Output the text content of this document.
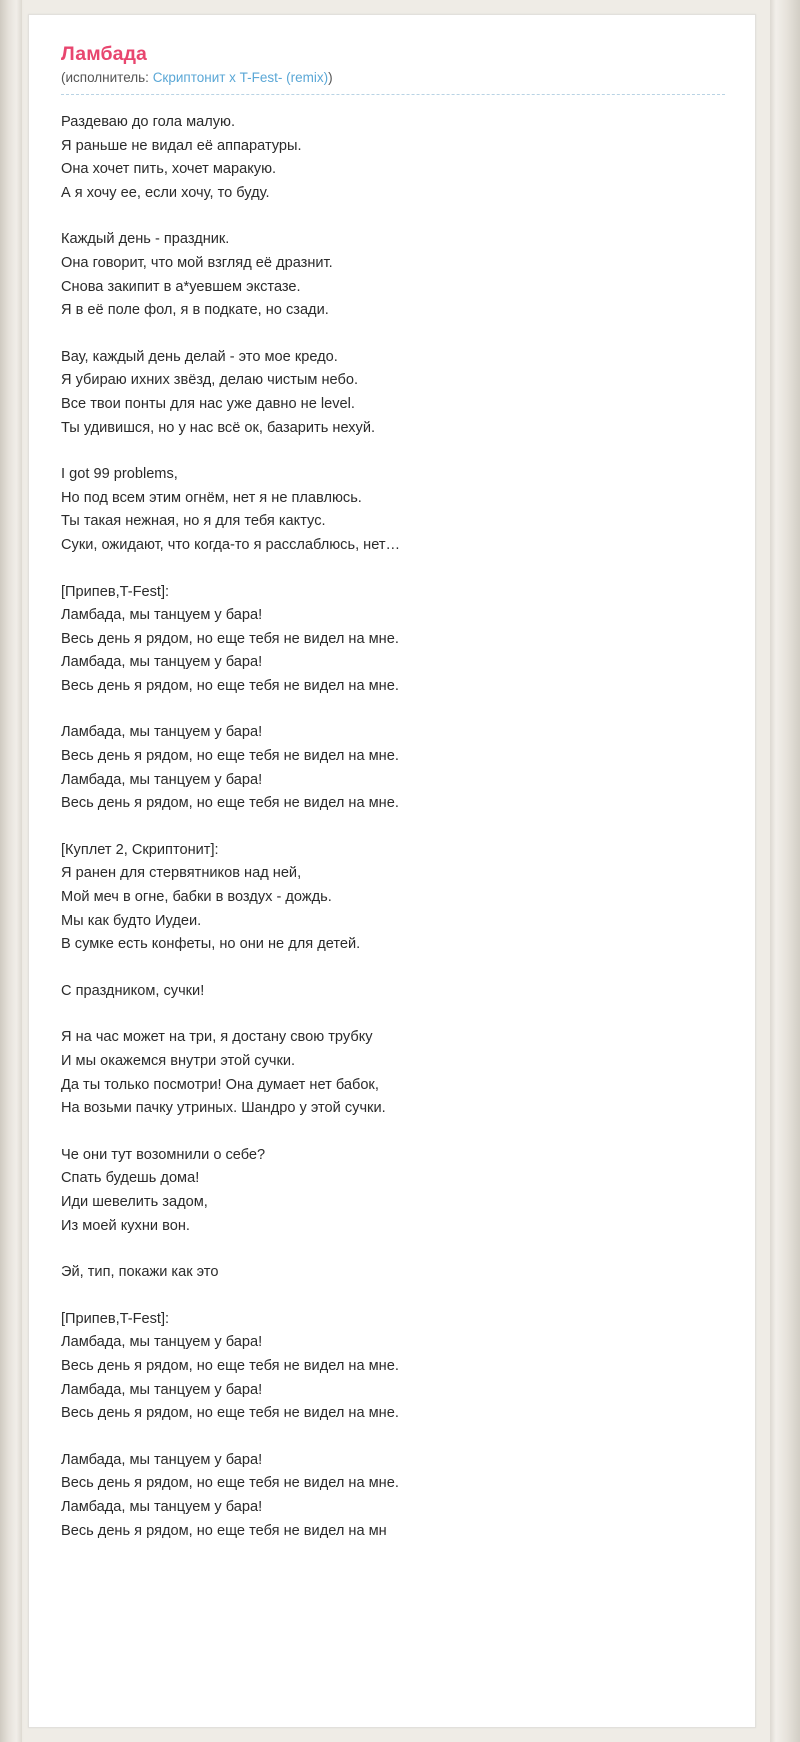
Ламбада
(исполнитель: Скриптонит х T-Fest- (remix))

Раздеваю до гола малую.
Я раньше не видал её аппаратуры.
Она хочет пить, хочет маракую.
А я хочу ее, если хочу, то буду.

Каждый день - праздник.
Она говорит, что мой взгляд её дразнит.
Снова закипит в а*уевшем экстазе.
Я в её поле фол, я в подкате, но сзади.

Вау, каждый день делай - это мое кредо.
Я убираю ихних звёзд, делаю чистым небо.
Все твои понты для нас уже давно не level.
Ты удивишся, но у нас всё ок, базарить нехуй.

I got 99 problems,
Но под всем этим огнём, нет я не плавлюсь.
Ты такая нежная, но я для тебя кактус.
Суки, ожидают, что когда-то я расслаблюсь, нет…

[Припев,T-Fest]:
Ламбада, мы танцуем у бара!
Весь день я рядом, но еще тебя не видел на мне.
Ламбада, мы танцуем у бара!
Весь день я рядом, но еще тебя не видел на мне.

Ламбада, мы танцуем у бара!
Весь день я рядом, но еще тебя не видел на мне.
Ламбада, мы танцуем у бара!
Весь день я рядом, но еще тебя не видел на мне.

[Куплет 2, Скриптонит]:
Я ранен для стервятников над ней,
Мой меч в огне, бабки в воздух - дождь.
Мы как будто Иудеи.
В сумке есть конфеты, но они не для детей.

С праздником, сучки!

Я на час может на три, я достану свою трубку
И мы окажемся внутри этой сучки.
Да ты только посмотри! Она думает нет бабок,
На возьми пачку утриных. Шандро у этой сучки.

Че они тут возомнили о себе?
Спать будешь дома!
Иди шевелить задом,
Из моей кухни вон.

Эй, тип, покажи как это

[Припев,T-Fest]:
Ламбада, мы танцуем у бара!
Весь день я рядом, но еще тебя не видел на мне.
Ламбада, мы танцуем у бара!
Весь день я рядом, но еще тебя не видел на мне.

Ламбада, мы танцуем у бара!
Весь день я рядом, но еще тебя не видел на мне.
Ламбада, мы танцуем у бара!
Весь день я рядом, но еще тебя не видел на мн
